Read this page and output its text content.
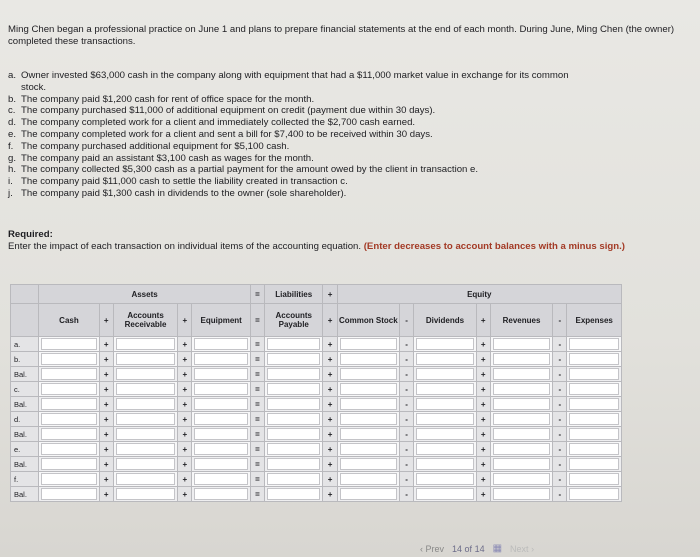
Ming Chen began a professional practice on June 1 and plans to prepare financial statements at the end of each month. During June, Ming Chen (the owner) completed these transactions.

a. Owner invested $63,000 cash in the company along with equipment that had a $11,000 market value in exchange for its common
stock.
b. The company paid $1,200 cash for rent of office space for the month.
c. The company purchased $11,000 of additional equipment on credit (payment due within 30 days).
d. The company completed work for a client and immediately collected the $2,700 cash earned.
e. The company completed work for a client and sent a bill for $7,400 to be received within 30 days.
f. The company purchased additional equipment for $5,100 cash.
g. The company paid an assistant $3,100 cash as wages for the month.
h. The company collected $5,300 cash as a partial payment for the amount owed by the client in transaction e.
i. The company paid $11,000 cash to settle the liability created in transaction c.
j. The company paid $1,300 cash in dividends to the owner (sole shareholder).

Required:

Enter the impact of each transaction on individual items of the accounting equation. (Enter decreases to account balances with a minus sign.)

	Assets					=	Liabilities	+	Equity						
	Cash	+	Accounts Receivable	+	Equipment	=	Accounts Payable	+	Common Stock	-	Dividends	+	Revenues	-	Expenses
a.		+		+		=		+		-		+		-	

b.		+		+		=		+		-		+		-	

Bal.		+		+		=		+		-		+		-	

c.		+		+		=		+		-		+		-	

Bal.		+		+		=		+		-		+		-	

d.		+		+		=		+		-		+		-	

Bal.		+		+		=		+		-		+		-	

e.		+		+		=		+		-		+		-	

Bal.		+		+		=		+		-		+		-	

f.		+		+		=		+		-		+		-	

Bal.		+		+		=		+		-		+		-	
‹ Prev 14 of 14 ▦ Next ›
